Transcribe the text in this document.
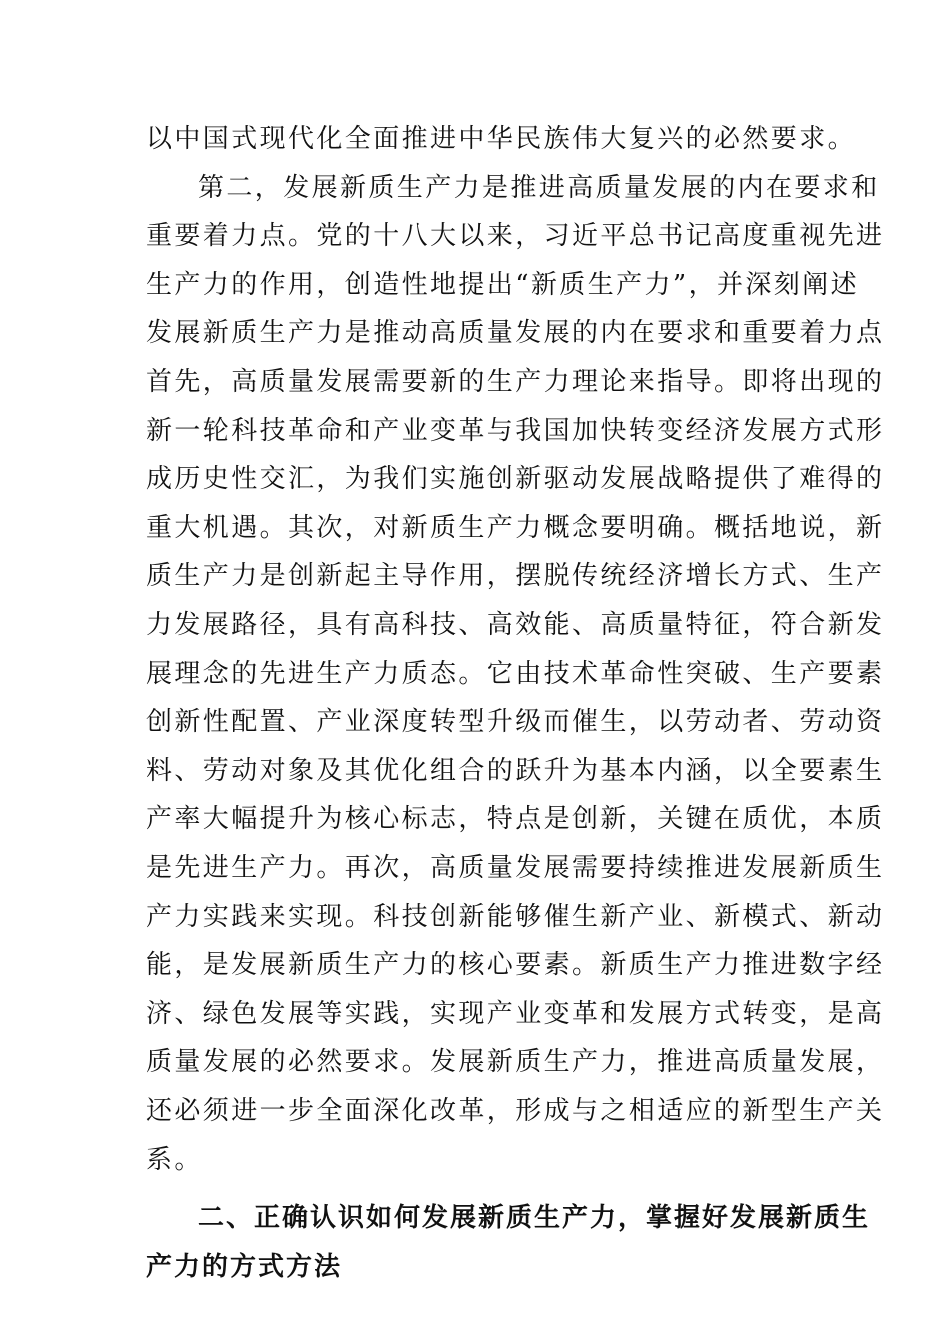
以中国式现代化全面推进中华民族伟大复兴的必然要求。
第二，发展新质生产力是推进高质量发展的内在要求和
重要着力点。党的十八大以来，习近平总书记高度重视先进
生产力的作用，创造性地提出“新质生产力”，并深刻阐述
发展新质生产力是推动高质量发展的内在要求和重要着力点
首先，高质量发展需要新的生产力理论来指导。即将出现的
新一轮科技革命和产业变革与我国加快转变经济发展方式形
成历史性交汇，为我们实施创新驱动发展战略提供了难得的
重大机遇。其次，对新质生产力概念要明确。概括地说，新
质生产力是创新起主导作用，摆脱传统经济增长方式、生产
力发展路径，具有高科技、高效能、高质量特征，符合新发
展理念的先进生产力质态。它由技术革命性突破、生产要素
创新性配置、产业深度转型升级而催生，以劳动者、劳动资
料、劳动对象及其优化组合的跃升为基本内涵，以全要素生
产率大幅提升为核心标志，特点是创新，关键在质优，本质
是先进生产力。再次，高质量发展需要持续推进发展新质生
产力实践来实现。科技创新能够催生新产业、新模式、新动
能，是发展新质生产力的核心要素。新质生产力推进数字经
济、绿色发展等实践，实现产业变革和发展方式转变，是高
质量发展的必然要求。发展新质生产力，推进高质量发展，
还必须进一步全面深化改革，形成与之相适应的新型生产关
系。
二、正确认识如何发展新质生产力，掌握好发展新质生
产力的方式方法
